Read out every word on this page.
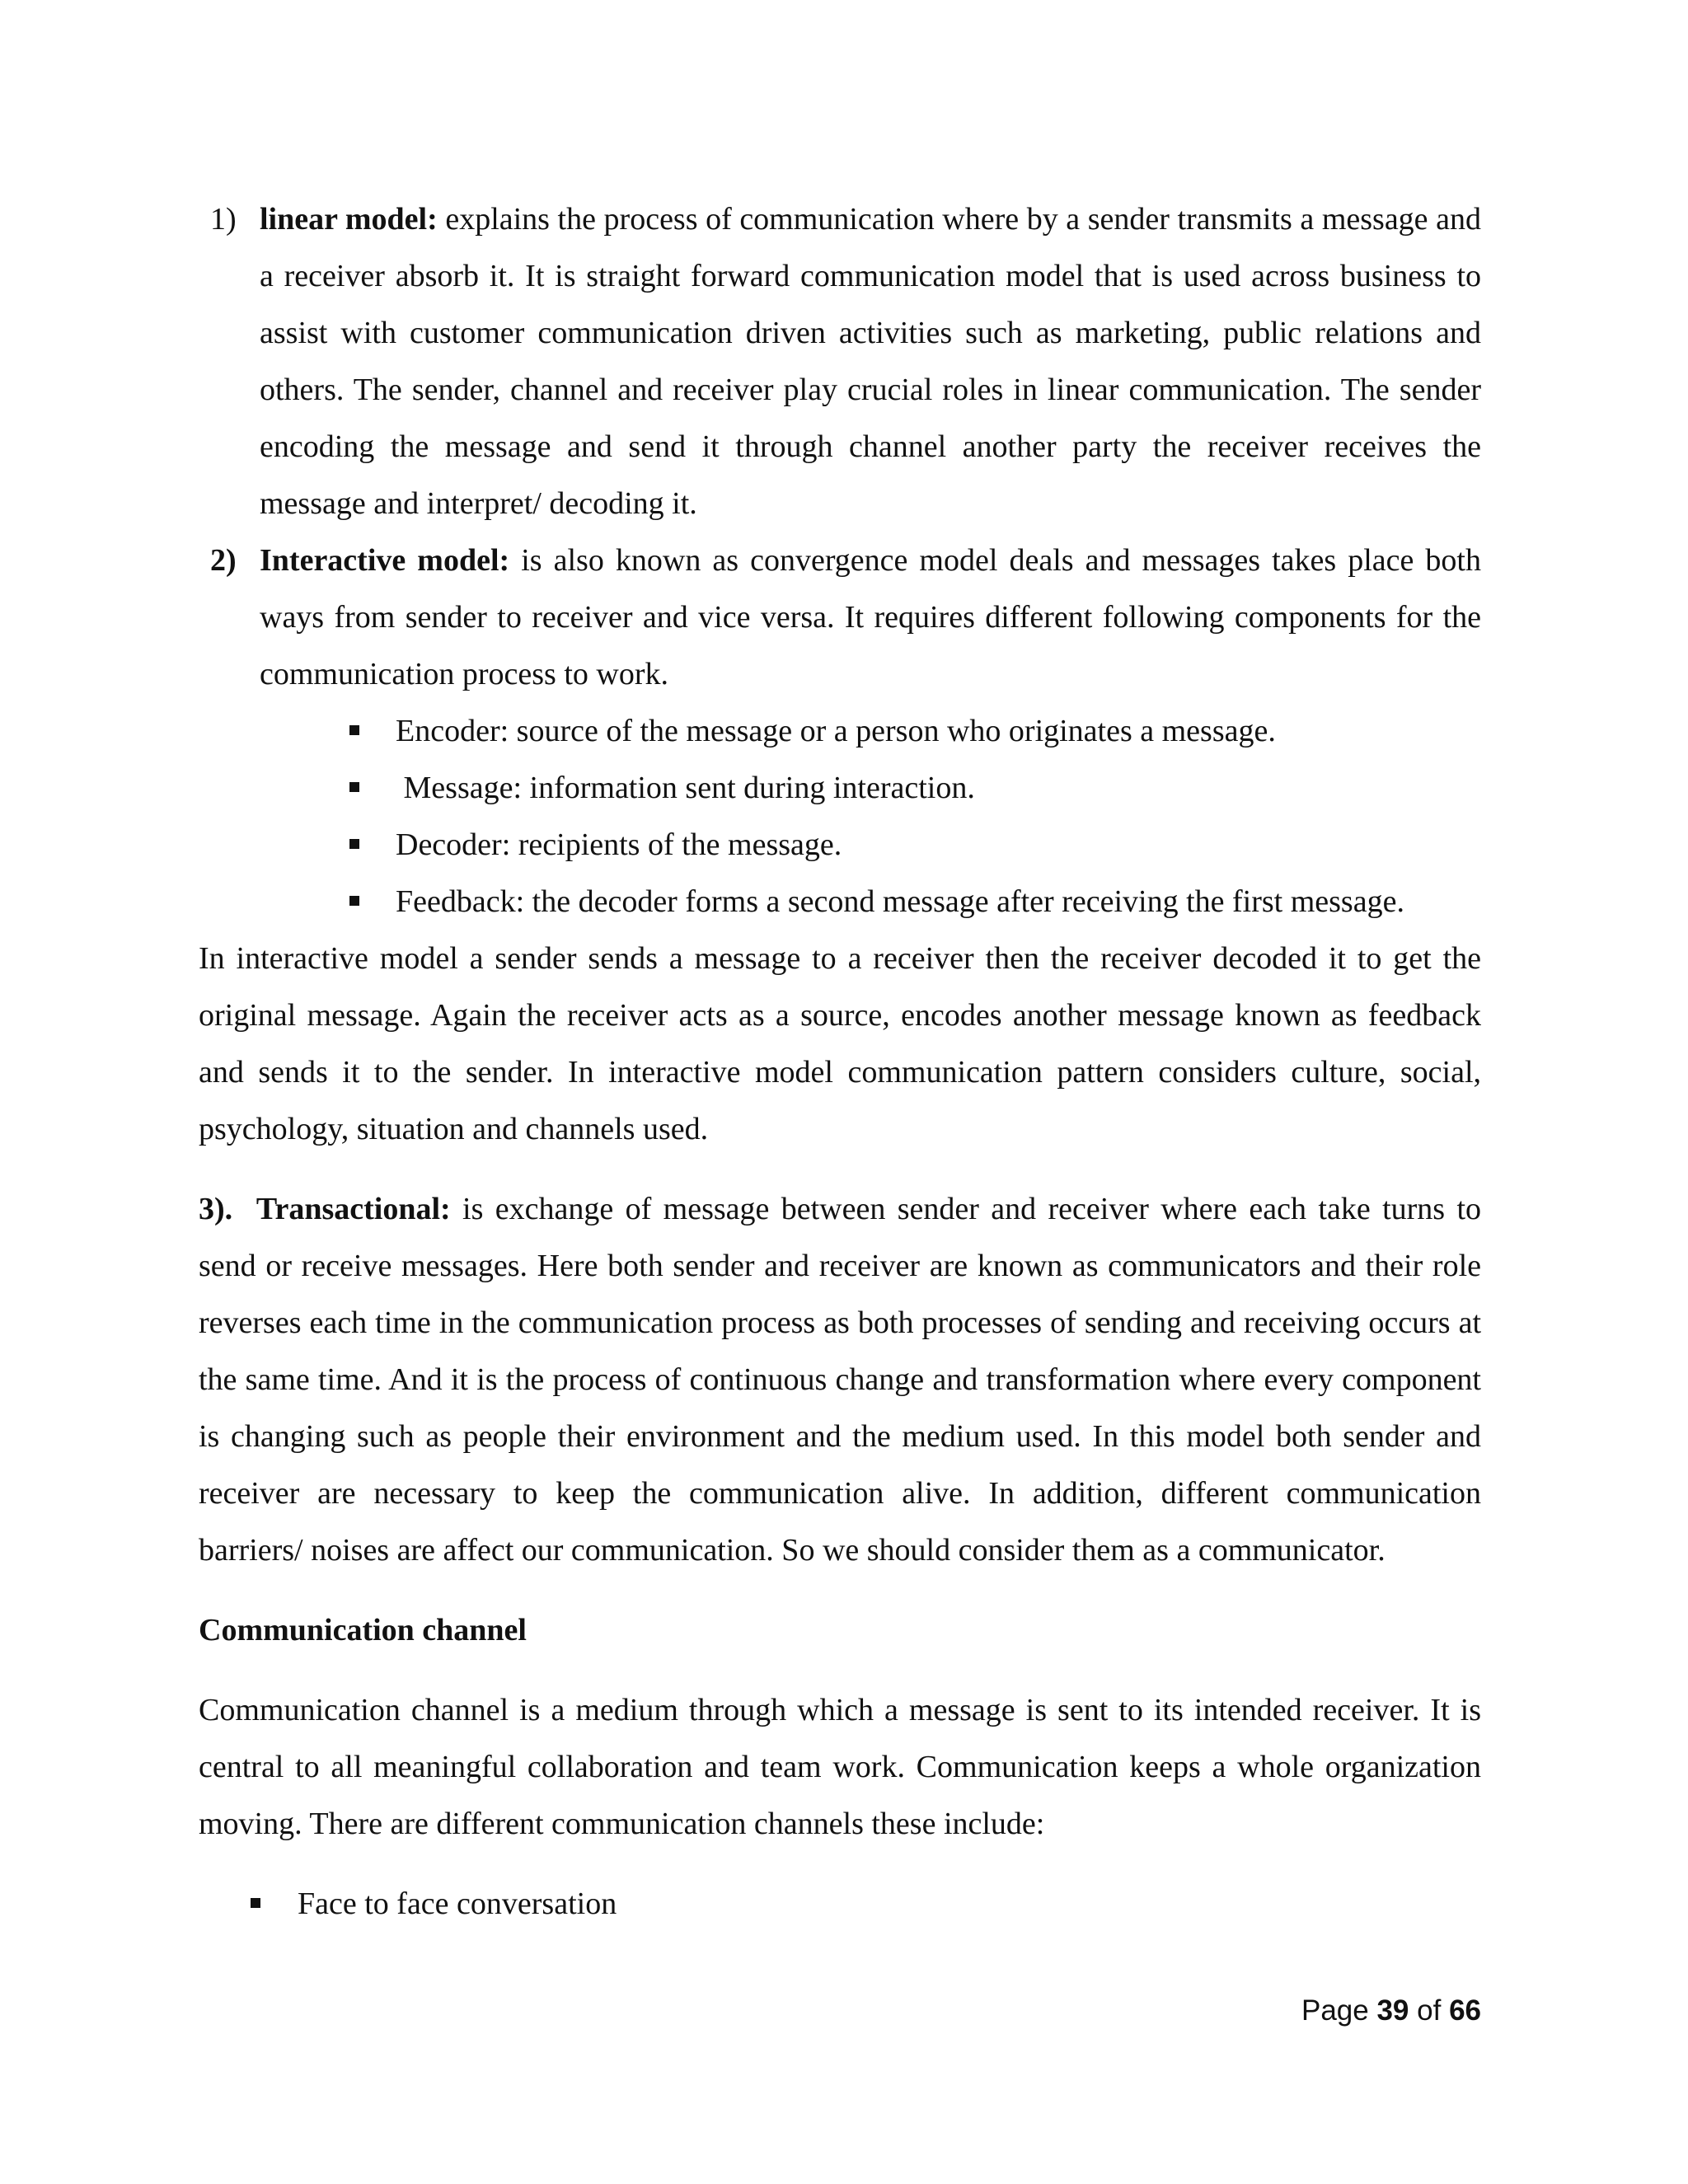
1) linear model: explains the process of communication where by a sender transmits a message and a receiver absorb it. It is straight forward communication model that is used across business to assist with customer communication driven activities such as marketing, public relations and others. The sender, channel and receiver play crucial roles in linear communication. The sender encoding the message and send it through channel another party the receiver receives the message and interpret/ decoding it.
2) Interactive model: is also known as convergence model deals and messages takes place both ways from sender to receiver and vice versa. It requires different following components for the communication process to work.
Encoder: source of the message or a person who originates a message.
Message: information sent during interaction.
Decoder: recipients of the message.
Feedback: the decoder forms a second message after receiving the first message.
In interactive model a sender sends a message to a receiver then the receiver decoded it to get the original message. Again the receiver acts as a source, encodes another message known as feedback and sends it to the sender. In interactive model communication pattern considers culture, social, psychology, situation and channels used.
3). Transactional: is exchange of message between sender and receiver where each take turns to send or receive messages. Here both sender and receiver are known as communicators and their role reverses each time in the communication process as both processes of sending and receiving occurs at the same time. And it is the process of continuous change and transformation where every component is changing such as people their environment and the medium used. In this model both sender and receiver are necessary to keep the communication alive. In addition, different communication barriers/ noises are affect our communication. So we should consider them as a communicator.
Communication channel
Communication channel is a medium through which a message is sent to its intended receiver. It is central to all meaningful collaboration and team work. Communication keeps a whole organization moving. There are different communication channels these include:
Face to face conversation
Page 39 of 66
